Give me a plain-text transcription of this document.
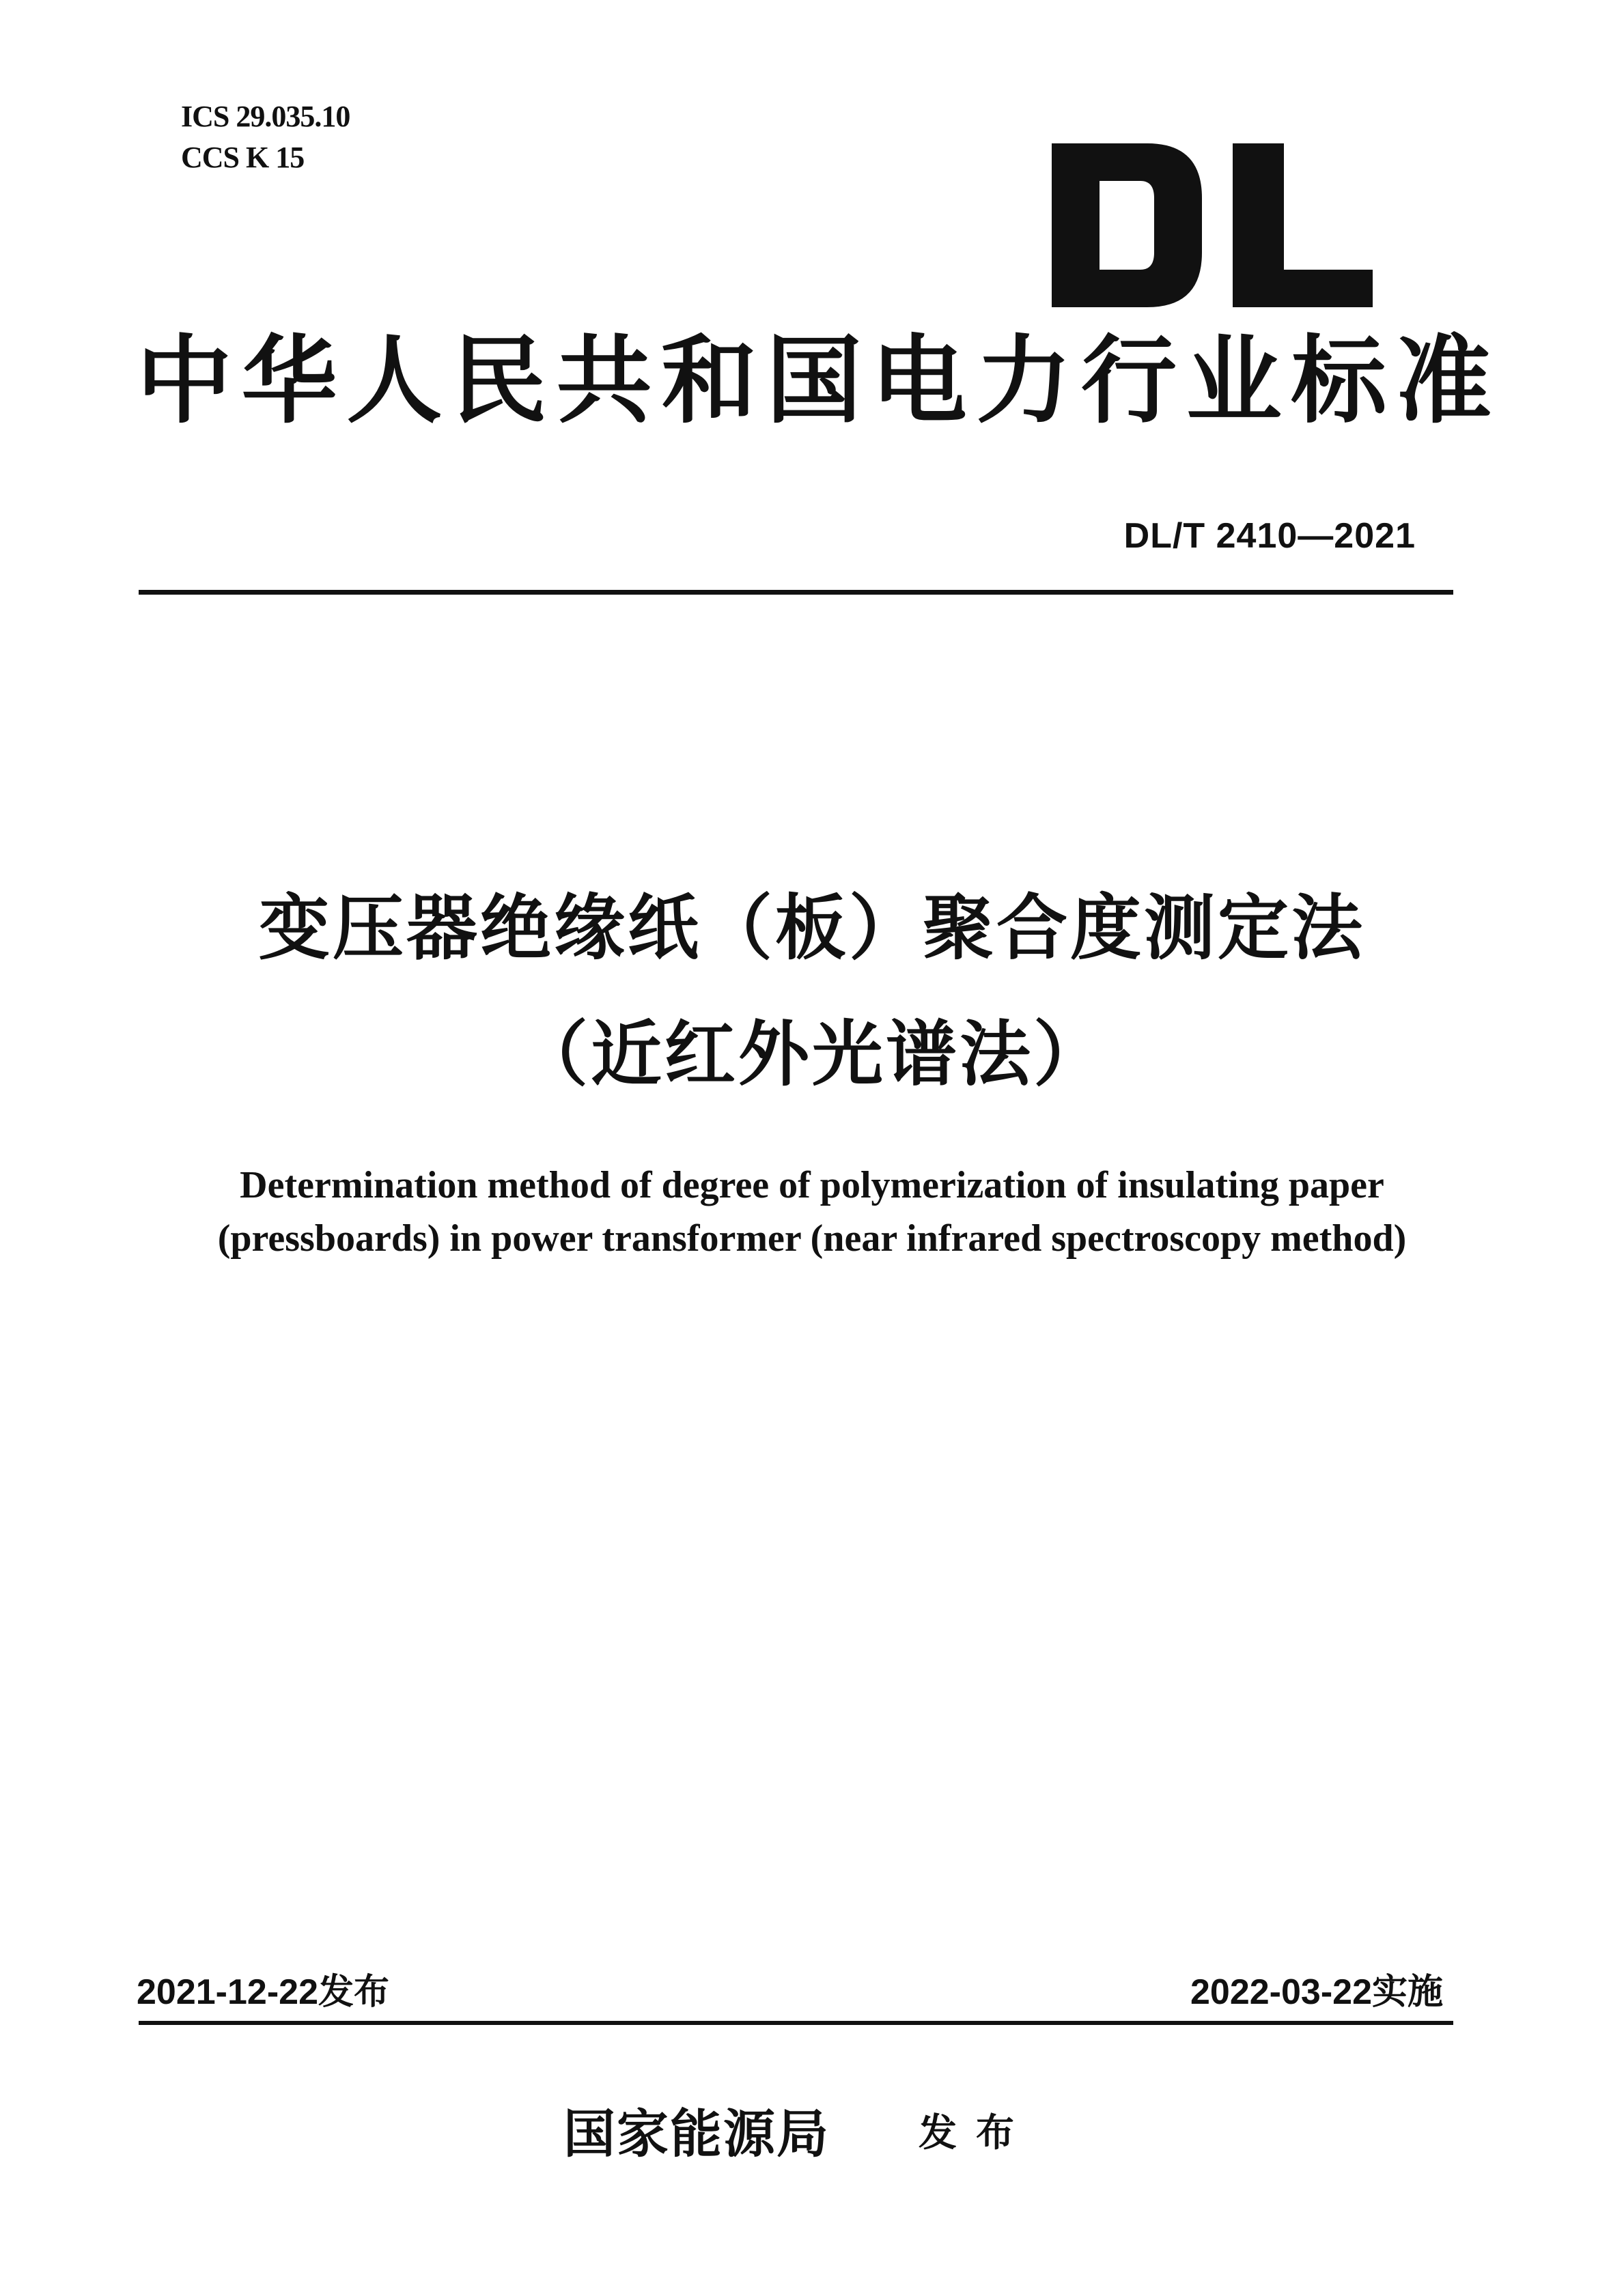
ICS 29.035.10
CCS K 15
中华人民共和国电力行业标准
DL/T 2410—2021
变压器绝缘纸（板）聚合度测定法
（近红外光谱法）
Determination method of degree of polymerization of insulating paper
(pressboards) in power transformer (near infrared spectroscopy method)
2021-12-22发布	2022-03-22实施
国家能源局 发布
